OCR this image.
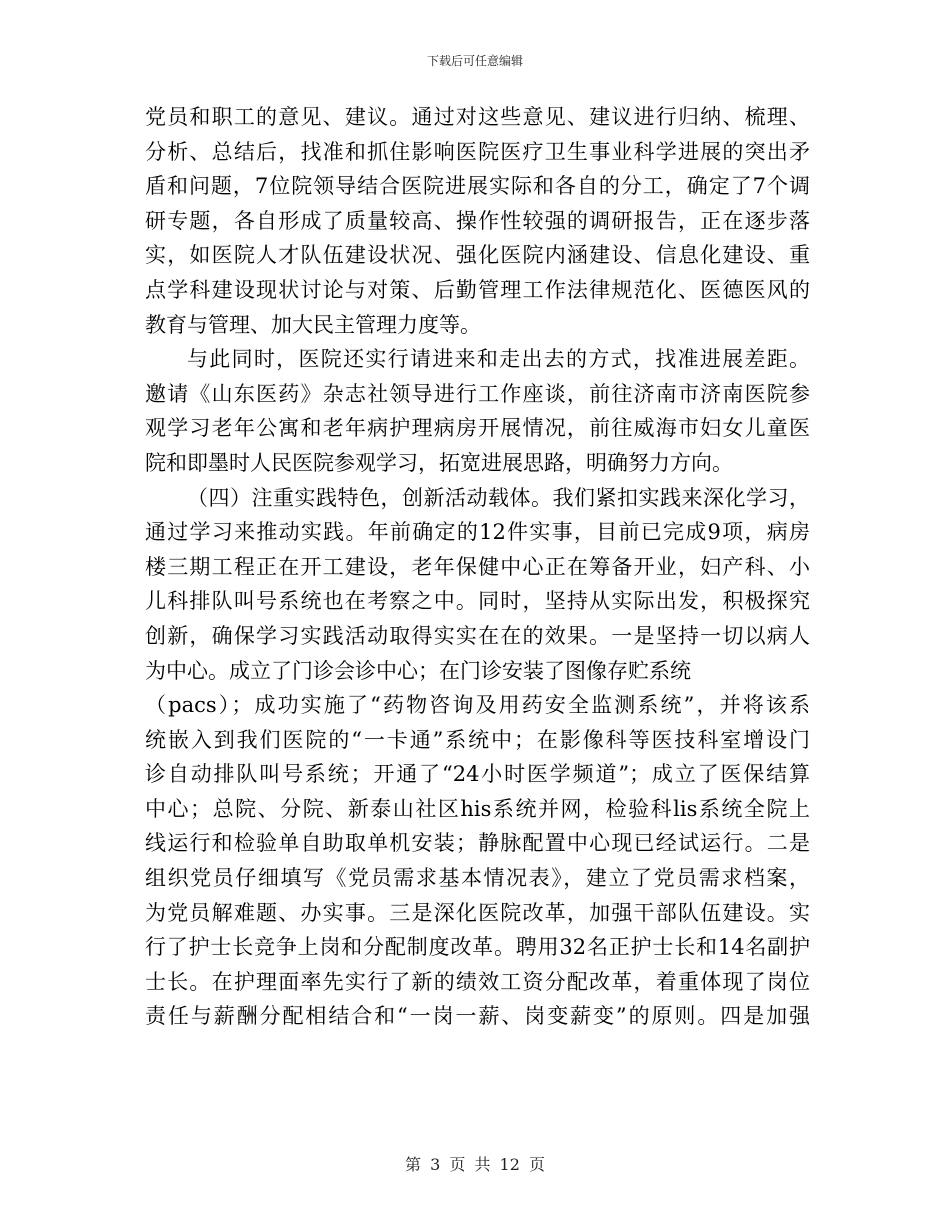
下载后可任意编辑
党员和职工的意见、建议。通过对这些意见、建议进行归纳、梳理、
分析、总结后，找准和抓住影响医院医疗卫生事业科学进展的突出矛
盾和问题，7位院领导结合医院进展实际和各自的分工，确定了7个调
研专题，各自形成了质量较高、操作性较强的调研报告，正在逐步落
实，如医院人才队伍建设状况、强化医院内涵建设、信息化建设、重
点学科建设现状讨论与对策、后勤管理工作法律规范化、医德医风的
教育与管理、加大民主管理力度等。
与此同时，医院还实行请进来和走出去的方式，找准进展差距。
邀请《山东医药》杂志社领导进行工作座谈，前往济南市济南医院参
观学习老年公寓和老年病护理病房开展情况，前往威海市妇女儿童医
院和即墨时人民医院参观学习，拓宽进展思路，明确努力方向。
（四）注重实践特色，创新活动载体。我们紧扣实践来深化学习，
通过学习来推动实践。年前确定的12件实事，目前已完成9项，病房
楼三期工程正在开工建设，老年保健中心正在筹备开业，妇产科、小
儿科排队叫号系统也在考察之中。同时，坚持从实际出发，积极探究
创新，确保学习实践活动取得实实在在的效果。一是坚持一切以病人
为中心。成立了门诊会诊中心；在门诊安装了图像存贮系统
（pacs）；成功实施了“药物咨询及用药安全监测系统”，并将该系
统嵌入到我们医院的“一卡通”系统中；在影像科等医技科室增设门
诊自动排队叫号系统；开通了“24小时医学频道”；成立了医保结算
中心；总院、分院、新泰山社区his系统并网，检验科lis系统全院上
线运行和检验单自助取单机安装；静脉配置中心现已经试运行。二是
组织党员仔细填写《党员需求基本情况表》，建立了党员需求档案，
为党员解难题、办实事。三是深化医院改革，加强干部队伍建设。实
行了护士长竞争上岗和分配制度改革。聘用32名正护士长和14名副护
士长。在护理面率先实行了新的绩效工资分配改革，着重体现了岗位
责任与薪酬分配相结合和“一岗一薪、岗变薪变”的原则。四是加强
第 3 页 共 12 页
